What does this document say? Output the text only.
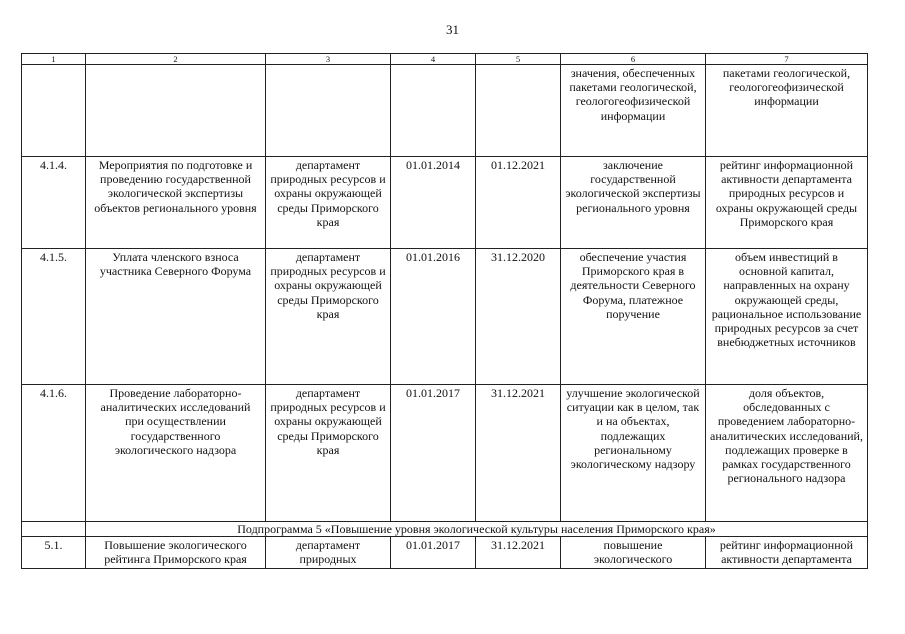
31
1	2	3	4	5	6	7
					значения, обеспеченных пакетами геологической, геологогеофизической информации	пакетами геологической, геологогеофизической информации
4.1.4.	Мероприятия по подготовке и проведению государственной экологической экспертизы объектов регионального уровня	департамент природных ресурсов и охраны окружающей среды Приморского края	01.01.2014	01.12.2021	заключение государственной экологической экспертизы регионального уровня	рейтинг информационной активности департамента природных ресурсов и охраны окружающей среды Приморского края
4.1.5.	Уплата членского взноса участника Северного Форума	департамент природных ресурсов и охраны окружающей среды Приморского края	01.01.2016	31.12.2020	обеспечение участия Приморского края в деятельности Северного Форума, платежное поручение	объем инвестиций в основной капитал, направленных на охрану окружающей среды, рациональное использование природных ресурсов за счет внебюджетных источников
4.1.6.	Проведение лабораторно-аналитических исследований при осуществлении государственного экологического надзора	департамент природных ресурсов и охраны окружающей среды Приморского края	01.01.2017	31.12.2021	улучшение экологической ситуации как в целом, так и на объектах, подлежащих региональному экологическому надзору	доля объектов, обследованных с проведением лабораторно-аналитических исследований, подлежащих проверке в рамках государственного регионального надзора
	Подпрограмма 5 «Повышение уровня экологической культуры населения Приморского края»					
5.1.	Повышение экологического рейтинга Приморского края	департамент природных	01.01.2017	31.12.2021	повышение экологического	рейтинг информационной активности департамента
